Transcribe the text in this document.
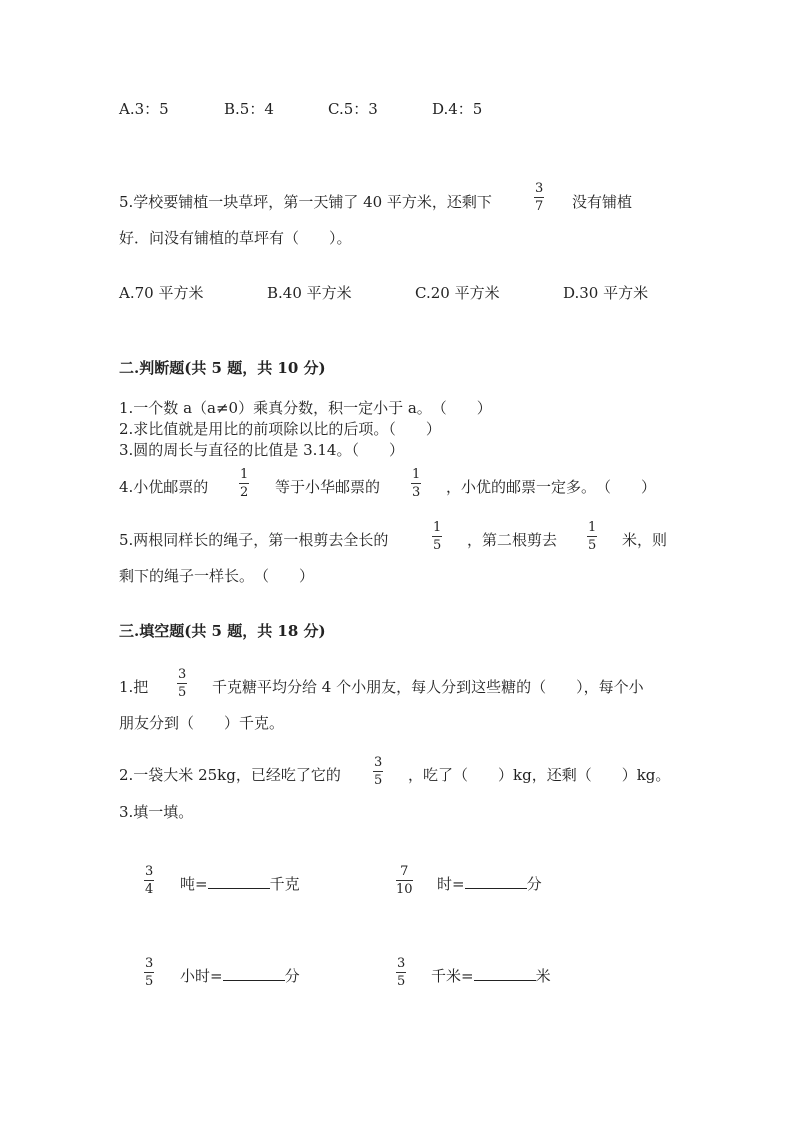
A.3：5	B.5：4	C.5：3	D.4：5
5.学校要铺植一块草坪，第一天铺了 40 平方米，还剩下	$\frac{3}{7}$ 没有铺植
好．问没有铺植的草坪有（　　）。
A.70 平方米	B.40 平方米	C.20 平方米	D.30 平方米
二.判断题(共 5 题，共 10 分)
1.一个数 a（a≠0）乘真分数，积一定小于 a。　（　　）
2.求比值就是用比的前项除以比的后项。（　　）
3.圆的周长与直径的比值是 3.14。（　　）
4.小优邮票的 $\frac{1}{2}$ 等于小华邮票的 $\frac{1}{3}$ ，小优的邮票一定多。　（　　）
5.两根同样长的绳子，第一根剪去全长的	$\frac{1}{5}$ ，第二根剪去 $\frac{1}{5}$ 米，则
剩下的绳子一样长。　（　　）
三.填空题(共 5 题，共 18 分)
1.把 $\frac{3}{5}$ 千克糖平均分给 4 个小朋友，每人分到这些糖的（　　），每个小
朋友分到（　　）千克。
2.一袋大米 25kg，已经吃了它的 $\frac{3}{5}$ ，吃了（　　）kg，还剩（　　）kg。
3.填一填。
$\frac{3}{4}$ 吨=	千克	$\frac{7}{10}$ 时=	分
$\frac{3}{5}$ 小时=	分	$\frac{3}{5}$ 千米=	米
